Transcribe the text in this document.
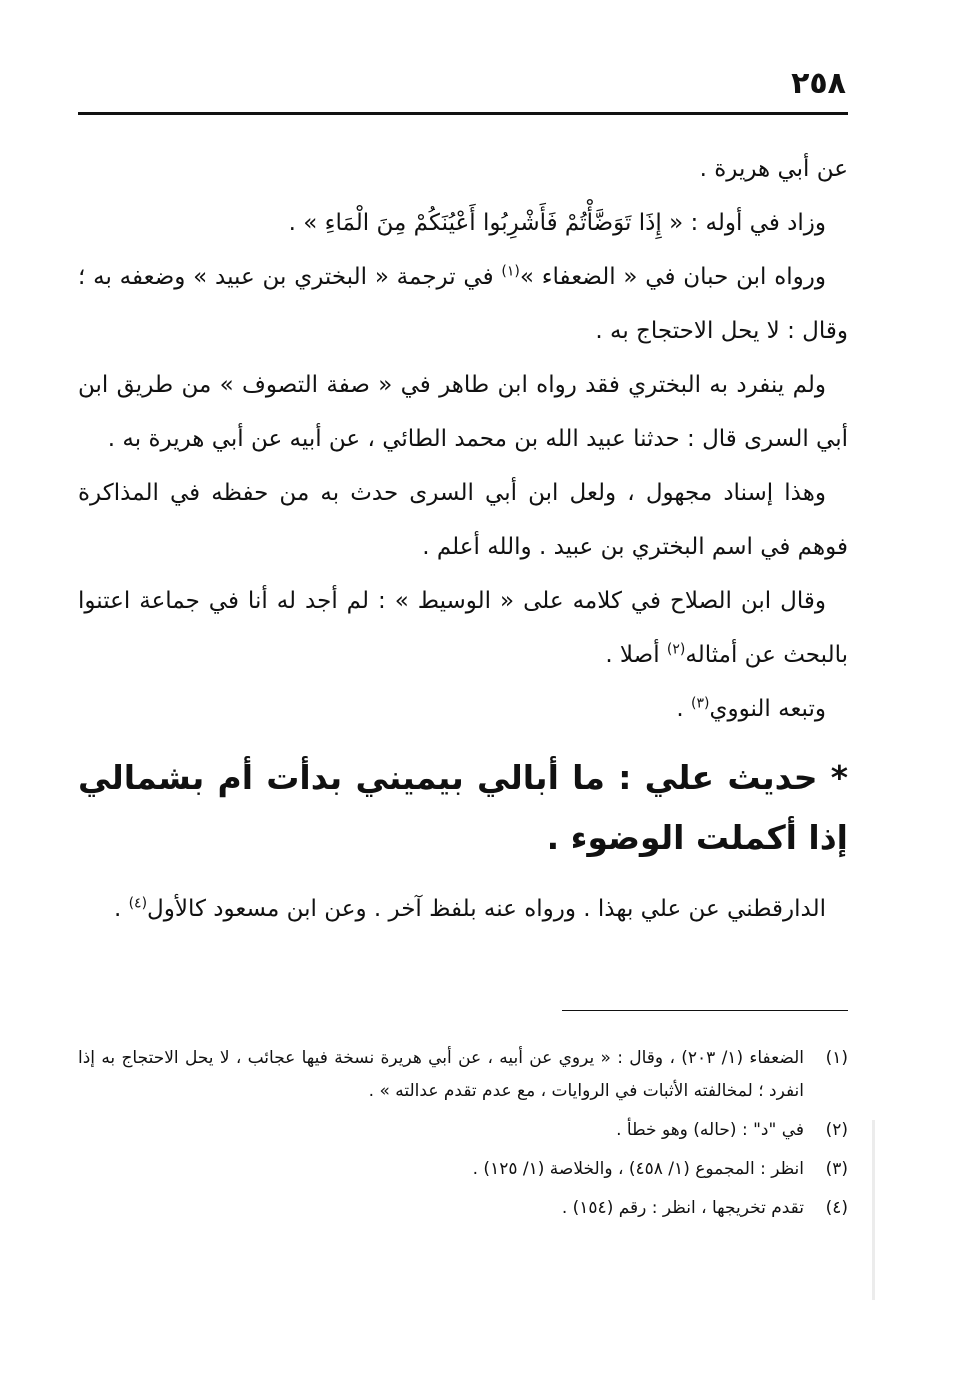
٢٥٨

عن أبي هريرة .

وزاد في أوله : « إِذَا تَوَضَّأْتُمْ فَأَشْرِبُوا أَعْيُنَكُمْ مِنَ الْمَاءِ » .

ورواه ابن حبان في « الضعفاء »$^{(١)}$ في ترجمة « البختري بن عبيد » وضعفه به ؛ وقال : لا يحل الاحتجاج به .

ولم ينفرد به البختري فقد رواه ابن طاهر في « صفة التصوف » من طريق ابن أبي السرى قال : حدثنا عبيد الله بن محمد الطائي ، عن أبيه عن أبي هريرة به .

وهذا إسناد مجهول ، ولعل ابن أبي السرى حدث به من حفظه في المذاكرة فوهم في اسم البختري بن عبيد . والله أعلم .

وقال ابن الصلاح في كلامه على « الوسيط » : لم أجد له أنا في جماعة اعتنوا بالبحث عن أمثاله$^{(٢)}$ أصلا .

وتبعه النووي$^{(٣)}$ .

* حديث علي : ما أبالي بيميني بدأت أم بشمالي إذا أكملت الوضوء .
الدارقطني عن علي بهذا . ورواه عنه بلفظ آخر . وعن ابن مسعود كالأول$^{(٤)}$ .
(١)
الضعفاء (١/ ٢٠٣) ، وقال : « يروي عن أبيه ، عن أبي هريرة نسخة فيها عجائب ، لا يحل الاحتجاج به إذا انفرد ؛ لمخالفته الأثبات في الروايات ، مع عدم تقدم عدالته » .
(٢)
في "د" : (حاله) وهو خطأ .
(٣)
انظر : المجموع (١/ ٤٥٨) ، والخلاصة (١/ ١٢٥) .
(٤)
تقدم تخريجها ، انظر : رقم (١٥٤) .
